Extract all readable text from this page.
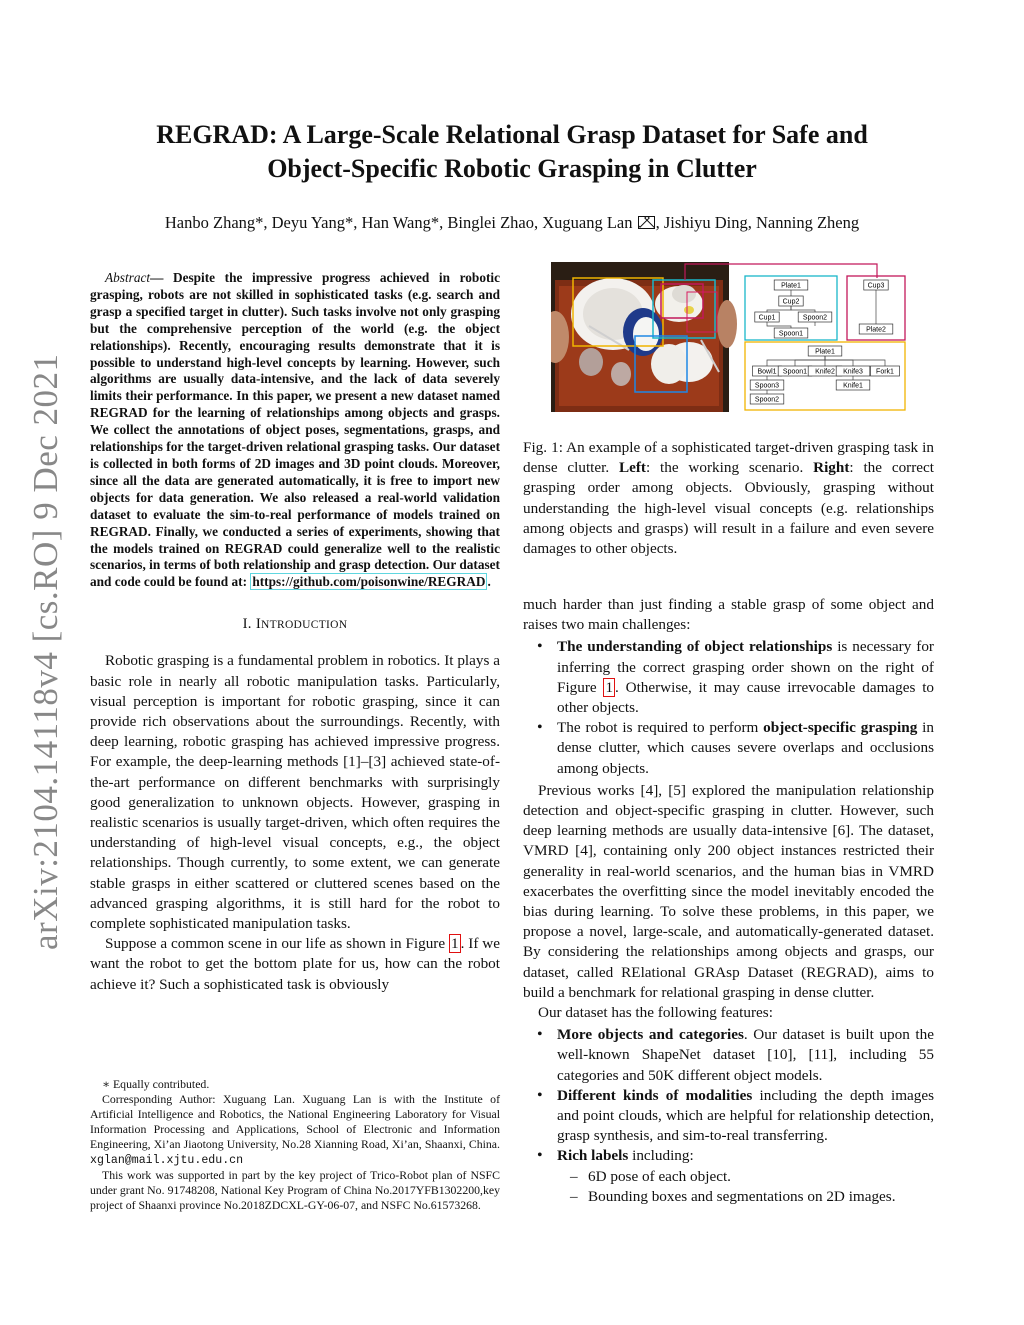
arXiv:2104.14118v4 [cs.RO] 9 Dec 2021
REGRAD: A Large-Scale Relational Grasp Dataset for Safe and
Object-Specific Robotic Grasping in Clutter
Hanbo Zhang*, Deyu Yang*, Han Wang*, Binglei Zhao, Xuguang Lan , Jishiyu Ding, Nanning Zheng

Abstract— Despite the impressive progress achieved in robotic grasping, robots are not skilled in sophisticated tasks (e.g. search and grasp a specified target in clutter). Such tasks involve not only grasping but the comprehensive perception of the world (e.g. the object relationships). Recently, encouraging results demonstrate that it is possible to understand high-level concepts by learning. However, such algorithms are usually data-intensive, and the lack of data severely limits their performance. In this paper, we present a new dataset named REGRAD for the learning of relationships among objects and grasps. We collect the annotations of object poses, segmentations, grasps, and relationships for the target-driven relational grasping tasks. Our dataset is collected in both forms of 2D images and 3D point clouds. Moreover, since all the data are generated automatically, it is free to import new objects for data generation. We also released a real-world validation dataset to evaluate the sim-to-real performance of models trained on REGRAD. Finally, we conducted a series of experiments, showing that the models trained on REGRAD could generalize well to the realistic scenarios, in terms of both relationship and grasp detection. Our dataset and code could be found at: https://github.com/poisonwine/REGRAD .

I. INTRODUCTION

Robotic grasping is a fundamental problem in robotics. It plays a basic role in nearly all robotic manipulation tasks. Particularly, visual perception is important for robotic grasping, since it can provide rich observations about the surroundings. Recently, with deep learning, robotic grasping has achieved impressive progress. For example, the deep-learning methods [1]–[3] achieved state-of-the-art performance on different benchmarks with surprisingly good generalization to unknown objects. However, grasping in realistic scenarios is usually target-driven, which often requires the understanding of high-level visual concepts, e.g., the object relationships. Though currently, to some extent, we can generate stable grasps in either scattered or cluttered scenes based on the advanced grasping algorithms, it is still hard for the robot to complete sophisticated manipulation tasks.

Suppose a common scene in our life as shown in Figure 1 . If we want the robot to get the bottom plate for us, how can the robot achieve it? Such a sophisticated task is obviously

∗ Equally contributed.

Corresponding Author: Xuguang Lan. Xuguang Lan is with the Institute of Artificial Intelligence and Robotics, the National Engineering Laboratory for Visual Information Processing and Applications, School of Electronic and Information Engineering, Xi’an Jiaotong University, No.28 Xianning Road, Xi’an, Shaanxi, China. xglan@mail.xjtu.edu.cn

This work was supported in part by the key project of Trico-Robot plan of NSFC under grant No. 91748208, National Key Program of China No.2017YFB1302200,key project of Shaanxi province No.2018ZDCXL-GY-06-07, and NSFC No.61573268.

Plate1
Cup2
Cup1	Spoon2
Spoon1
Cup3
Plate2
Plate1
Bowl1 Spoon1 Knife2 Knife3 Fork1
Spoon3	Knife1
Spoon2
Fig. 1: An example of a sophisticated target-driven grasping task in dense clutter. Left: the working scenario. Right: the correct grasping order among objects. Obviously, grasping without understanding the high-level visual concepts (e.g. relationships among objects and grasps) will result in a failure and even severe damages to other objects.

much harder than just finding a stable grasp of some object and raises two main challenges:

• The understanding of object relationships is necessary for inferring the correct grasping order shown on the right of Figure 1 . Otherwise, it may cause irrevocable damages to other objects.
• The robot is required to perform object-specific grasping in dense clutter, which causes severe overlaps and occlusions among objects.

Previous works [4], [5] explored the manipulation relationship detection and object-specific grasping in clutter. However, such deep learning methods are usually data-intensive [6]. The dataset, VMRD [4], containing only 200 object instances restricted their generality in real-world scenarios, and the human bias in VMRD exacerbates the overfitting since the model inevitably encoded the bias during learning. To solve these problems, in this paper, we propose a novel, large-scale, and automatically-generated dataset. By considering the relationships among objects and grasps, our dataset, called RElational GRAsp Dataset (REGRAD), aims to build a benchmark for relational grasping in dense clutter.

Our dataset has the following features:

• More objects and categories. Our dataset is built upon the well-known ShapeNet dataset [10], [11], including 55 categories and 50K different object models.
• Different kinds of modalities including the depth images and point clouds, which are helpful for relationship detection, grasp synthesis, and sim-to-real transferring.
• Rich labels including:
– 6D pose of each object.
– Bounding boxes and segmentations on 2D images.
